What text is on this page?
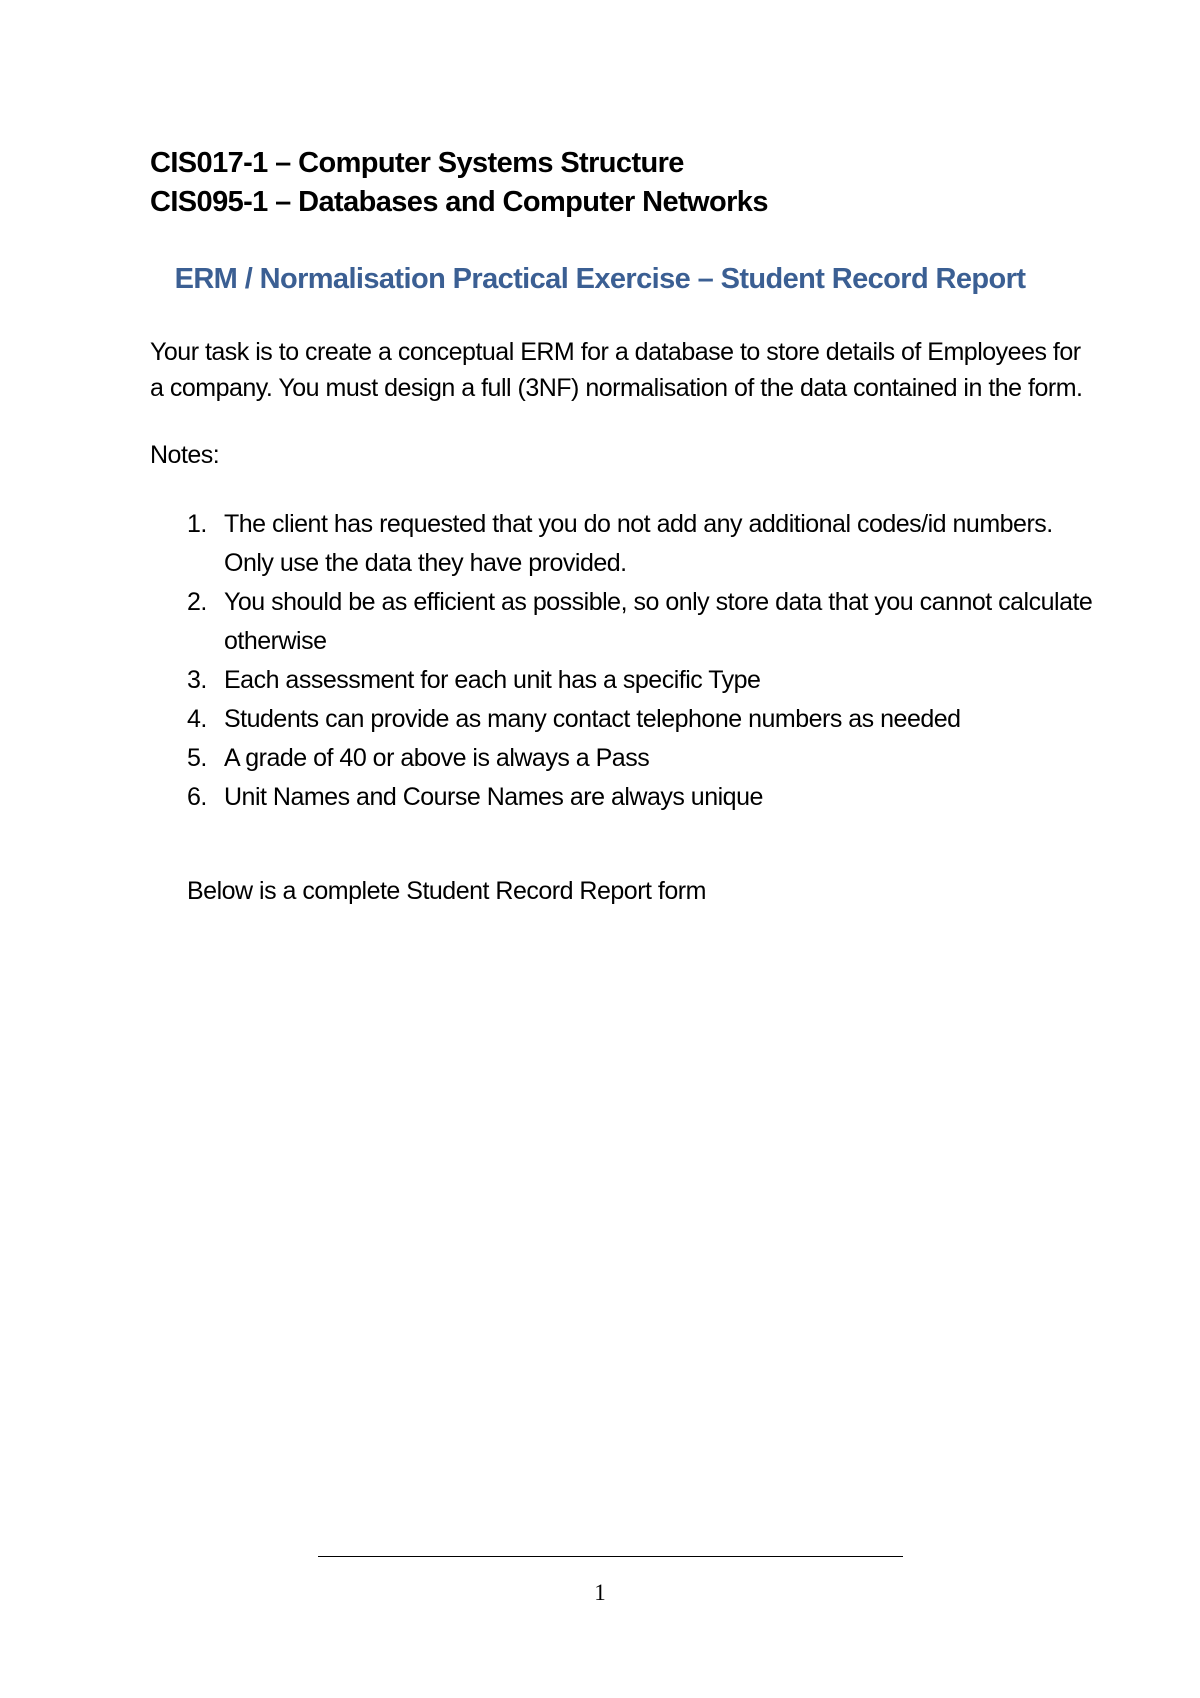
CIS017-1 – Computer Systems Structure
CIS095-1 – Databases and Computer Networks
ERM / Normalisation Practical Exercise – Student Record Report
Your task is to create a conceptual ERM for a database to store details of Employees for a company. You must design a full (3NF) normalisation of the data contained in the form.
Notes:
1. The client has requested that you do not add any additional codes/id numbers. Only use the data they have provided.
2. You should be as efficient as possible, so only store data that you cannot calculate otherwise
3. Each assessment for each unit has a specific Type
4. Students can provide as many contact telephone numbers as needed
5. A grade of 40 or above is always a Pass
6. Unit Names and Course Names are always unique
Below is a complete Student Record Report form
1
